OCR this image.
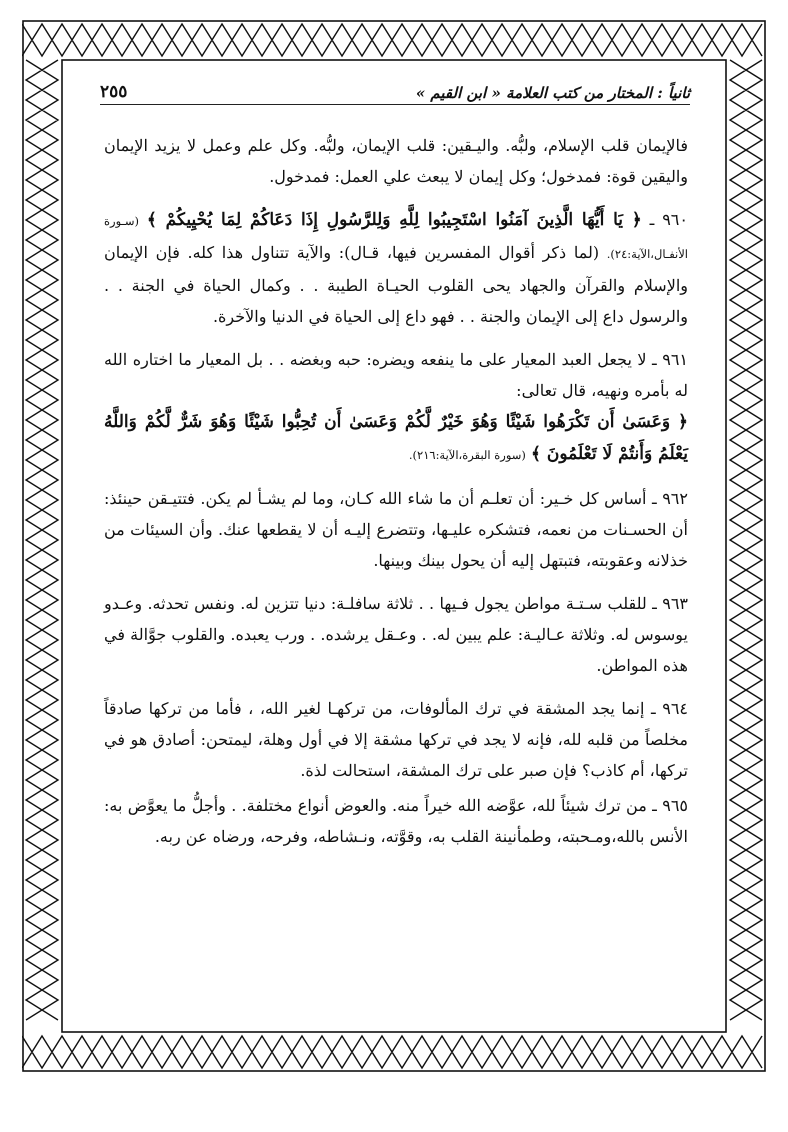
٢٥٥	ثانياً : المختار من كتب العلامة « ابن القيم »

فالإيمان قلب الإسلام، ولبُّه. واليـقين: قلب الإيمان، ولبُّه. وكل علم وعمل لا يزيد الإيمان واليقين قوة: فمدخول؛ وكل إيمان لا يبعث علي العمل: فمدخول.

٩٦٠ ـ ﴿ يَا أَيُّهَا الَّذِينَ آمَنُوا اسْتَجِيبُوا لِلَّهِ وَلِلرَّسُولِ إِذَا دَعَاكُمْ لِمَا يُحْيِيكُمْ ﴾ (سـورة الأنفـال،الآية:٢٤). (لما ذكر أقوال المفسرين فيها، قـال): والآية تتناول هذا كله. فإن الإيمان والإسلام والقرآن والجهاد يحى القلوب الحيـاة الطيبة . . وكمال الحياة في الجنة . . والرسول داع إلى الإيمان والجنة . . فهو داع إلى الحياة في الدنيا والآخرة.

٩٦١ ـ لا يجعل العبد المعيار على ما ينفعه ويضره: حبه وبغضه . . بل المعيار ما اختاره الله له بأمره ونهيه، قال تعالى:
﴿ وَعَسَىٰ أَن تَكْرَهُوا شَيْئًا وَهُوَ خَيْرٌ لَّكُمْ وَعَسَىٰ أَن تُحِبُّوا شَيْئًا وَهُوَ شَرٌّ لَّكُمْ وَاللَّهُ يَعْلَمُ وَأَنتُمْ لَا تَعْلَمُونَ ﴾ (سورة البقرة،الآية:٢١٦).

٩٦٢ ـ أساس كل خـير: أن تعلـم أن ما شاء الله كـان، وما لم يشـأ لم يكن. فتتيـقن حينئذ: أن الحسـنات من نعمه، فتشكره عليـها، وتتضرع إليـه أن لا يقطعها عنك. وأن السيئات من خذلانه وعقوبته، فتبتهل إليه أن يحول بينك وبينها.

٩٦٣ ـ للقلب سـتـة مواطن يجول فـيها . . ثلاثة سافلـة: دنيا تتزين له. ونفس تحدثه. وعـدو يوسوس له. وثلاثة عـاليـة: علم يبين له. . وعـقل يرشده. . ورب يعبده. والقلوب جوَّالة في هذه المواطن.

٩٦٤ ـ إنما يجد المشقة في ترك المألوفات، من تركهـا لغير الله، ، فأما من تركها صادقاً مخلصاً من قلبه لله، فإنه لا يجد في تركها مشقة إلا في أول وهلة، ليمتحن: أصادق هو في تركها، أم كاذب؟ فإن صبر على ترك المشقة، استحالت لذة.

٩٦٥ ـ من ترك شيئاً لله، عوَّضه الله خيراً منه. والعوض أنواع مختلفة. . وأجلُّ ما يعوَّض به: الأنس بالله،ومـحبته، وطمأنينة القلب به، وقوَّته، ونـشاطه، وفرحه، ورضاه عن ربه.
